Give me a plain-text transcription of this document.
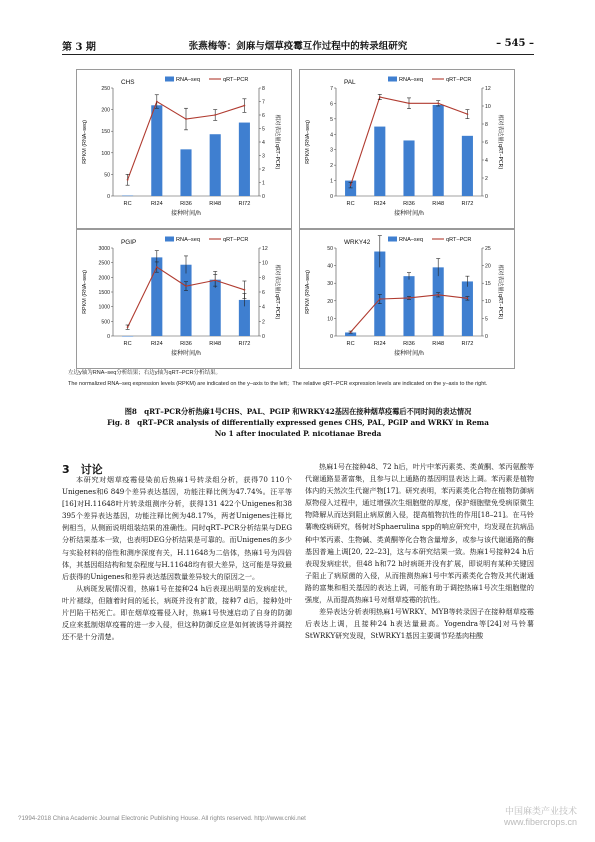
第 3 期	张燕梅等：剑麻与烟草疫霉互作过程中的转录组研究	– 545 –
0
50
100
150
200
250
0
1
2
3
4
5
6
7
8
RC	RI24	RI36	RI48	RI72
接种时间/h
RPKM (RNA–seq)	相对表达量(qRT–PCR)
CHS	RNA–seq	qRT–PCR
0
1
2
3
4
5
6
7
0
2
4
6
8
10
12
RC	RI24	RI36	RI48	RI72
接种时间/h
RPKM (RNA–seq)	相对表达量(qRT–PCR)
PAL	RNA–seq	qRT–PCR
0
500
1000
1500
2000
2500
3000
0
2
4
6
8
10
12
RC	RI24	RI36	RI48	RI72
接种时间/h
RPKM (RNA–seq)	相对表达量(qRT–PCR)
PGIP	RNA–seq	qRT–PCR
0
10
20
30
40
50
0
5
10
15
20
25
RC	RI24	RI36	RI48	RI72
接种时间/h
RPKM (RNA–seq)	相对表达量(qRT–PCR)
WRKY42	RNA–seq	qRT–PCR
左边y轴为RNA–seq分析结果；右边y轴为qRT–PCR分析结果。
The normalized RNA–seq expression levels (RPKM) are indicated on the y–axis to the left；The relative qRT–PCR expression levels are indicated on the y–axis to the right.
图8　qRT–PCR分析热麻1号CHS、PAL、PGIP 和WRKY42基因在接种烟草疫霉后不同时间的表达情况
Fig. 8　qRT–PCR analysis of differentially expressed genes CHS, PAL, PGIP and WRKY in Rema
No 1 after inoculated P. nicotianae Breda
3　讨论

本研究对烟草疫霉侵染前后热麻1号转录组分析，获得70 110个Unigenes和6 849个差异表达基因，功能注释比例为47.74%。汪平等[16]对H.11648叶片转录组测序分析，获得131 422个Unigenes和38 395个差异表达基因，功能注释比例为48.17%，两者Unigenes注释比例相当，从侧面说明组装结果的准确性。同时qRT–PCR分析结果与DEG分析结果基本一致，也表明DEG分析结果是可靠的。而Unigenes的多少与实验材料的倍性和测序深度有关，H.11648为二倍体，热麻1号为四倍体，其基因组结构和复杂程度与H.11648均有很大差异，这可能是导致最后获得的Unigenes和差异表达基因数量差异较大的原因之一。

从病斑发展情况看，热麻1号在接种24 h后表现出明显的发病症状，叶片褪绿，但随着时间的延长，病斑并没有扩散，接种7 d后，接种处叶片凹陷干枯死亡。即在烟草疫霉侵入时，热麻1号快速启动了自身的防御反应来抵制烟草疫霉的进一步入侵，但这种防御反应是如何被诱导并调控还不是十分清楚。

热麻1号在接种48、72 h后，叶片中苯丙素类、类黄酮、苯丙氨酸等代谢通路显著富集，且参与以上通路的基因明显表达上调。苯丙素是植物体内的天然次生代谢产物[17]。研究表明，苯丙素类化合物在植物防御病原物侵入过程中，通过增强次生细胞壁的厚度，保护细胞壁免受病原微生物降解从而达到阻止病原菌入侵，提高植物抗性的作用[18–21]。在马铃薯晚疫病研究，杨树对Sphaerulina spp的响应研究中，均发现在抗病品种中苯丙素、生物碱、类黄酮等化合物含量增多，或参与该代谢通路的酶基因普遍上调[20, 22–23]，这与本研究结果一致。热麻1号接种24 h后表现发病症状，但48 h和72 h时病斑并没有扩展，即说明有某种关键因子阻止了病原菌的入侵，从而推测热麻1号中苯丙素类化合物及其代谢通路的富集和相关基因的表达上调，可能有助于调控热麻1号次生细胞壁的强度，从而提高热麻1号对烟草疫霉的抗性。

差异表达分析表明热麻1号WRKY、MYB等转录因子在接种烟草疫霉后表达上调，且接种24 h表达量最高。Yogendra等[24]对马铃薯StWRKY研究发现，StWRKY1基因主要调节羟基肉桂酸

?1994-2018 China Academic Journal Electronic Publishing House. All rights reserved. http://www.cnki.net
中国麻类产业技术
www.fibercrops.cn
